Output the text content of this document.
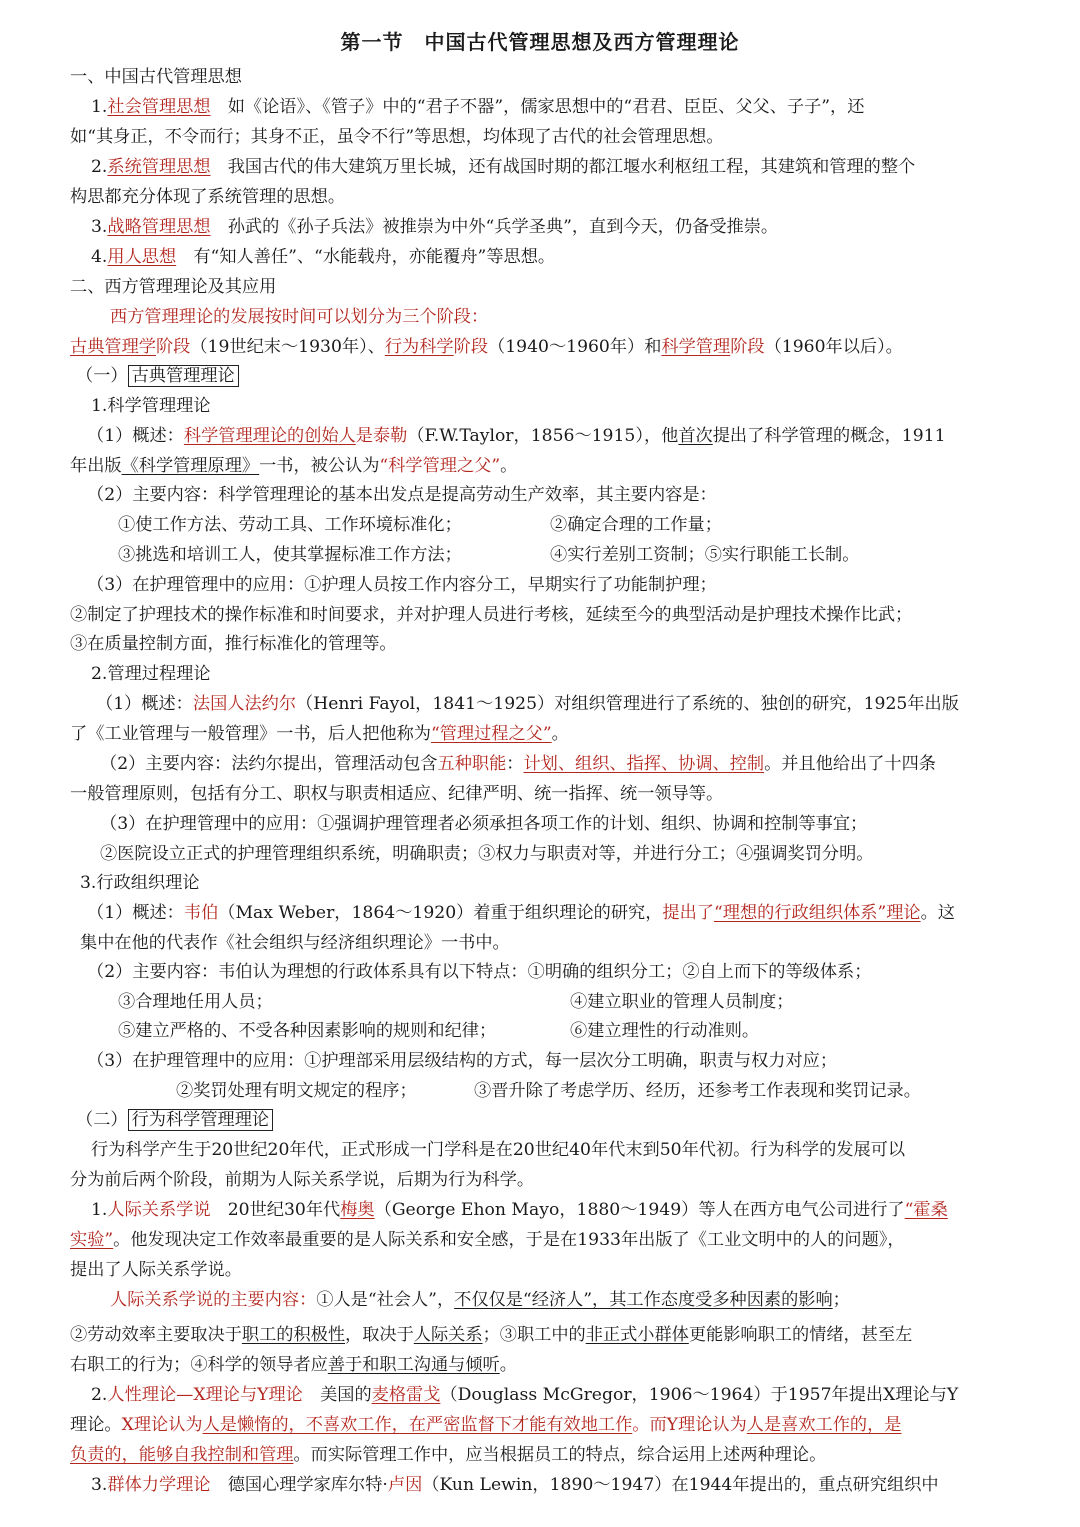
第一节　中国古代管理思想及西方管理理论
一、中国古代管理思想
1.社会管理思想　如《论语》、《管子》中的“君子不器”，儒家思想中的“君君、臣臣、父父、子子”，还
如“其身正，不令而行；其身不正，虽令不行”等思想，均体现了古代的社会管理思想。
2.系统管理思想　我国古代的伟大建筑万里长城，还有战国时期的都江堰水利枢纽工程，其建筑和管理的整个
构思都充分体现了系统管理的思想。
3.战略管理思想　孙武的《孙子兵法》被推崇为中外“兵学圣典”，直到今天，仍备受推崇。
4.用人思想　有“知人善任”、“水能载舟，亦能覆舟”等思想。
二、西方管理理论及其应用
西方管理理论的发展按时间可以划分为三个阶段：
古典管理学阶段（19世纪末～1930年）、行为科学阶段（1940～1960年）和科学管理阶段（1960年以后）。
（一） 古典管理理论
1.科学管理理论
（1）概述：科学管理理论的创始人是泰勒（F.W.Taylor，1856～1915），他首次提出了科学管理的概念，1911
年出版《科学管理原理》一书，被公认为“科学管理之父”。
（2）主要内容：科学管理理论的基本出发点是提高劳动生产效率，其主要内容是：
①使工作方法、劳动工具、工作环境标准化；	②确定合理的工作量；
③挑选和培训工人，使其掌握标准工作方法；	④实行差别工资制；⑤实行职能工长制。
（3）在护理管理中的应用：①护理人员按工作内容分工，早期实行了功能制护理；
②制定了护理技术的操作标准和时间要求，并对护理人员进行考核，延续至今的典型活动是护理技术操作比武；
③在质量控制方面，推行标准化的管理等。
2.管理过程理论
（1）概述：法国人法约尔（Henri Fayol，1841～1925）对组织管理进行了系统的、独创的研究，1925年出版
了《工业管理与一般管理》一书，后人把他称为“管理过程之父”。
（2）主要内容：法约尔提出，管理活动包含五种职能：计划、组织、指挥、协调、控制。并且他给出了十四条
一般管理原则，包括有分工、职权与职责相适应、纪律严明、统一指挥、统一领导等。
（3）在护理管理中的应用：①强调护理管理者必须承担各项工作的计划、组织、协调和控制等事宜；
②医院设立正式的护理管理组织系统，明确职责；③权力与职责对等，并进行分工；④强调奖罚分明。
3.行政组织理论
（1）概述：韦伯（Max Weber，1864～1920）着重于组织理论的研究，提出了“理想的行政组织体系”理论。这
集中在他的代表作《社会组织与经济组织理论》一书中。
（2）主要内容：韦伯认为理想的行政体系具有以下特点：①明确的组织分工；②自上而下的等级体系；
③合理地任用人员；	④建立职业的管理人员制度；
⑤建立严格的、不受各种因素影响的规则和纪律；	⑥建立理性的行动准则。
（3）在护理管理中的应用：①护理部采用层级结构的方式，每一层次分工明确，职责与权力对应；
②奖罚处理有明文规定的程序；	③晋升除了考虑学历、经历，还参考工作表现和奖罚记录。
（二） 行为科学管理理论
行为科学产生于20世纪20年代，正式形成一门学科是在20世纪40年代末到50年代初。行为科学的发展可以
分为前后两个阶段，前期为人际关系学说，后期为行为科学。
1.人际关系学说　20世纪30年代梅奥（George Ehon Mayo，1880～1949）等人在西方电气公司进行了“霍桑
实验”。他发现决定工作效率最重要的是人际关系和安全感，于是在1933年出版了《工业文明中的人的问题》，
提出了人际关系学说。
人际关系学说的主要内容：①人是“社会人”，不仅仅是“经济人”，其工作态度受多种因素的影响；
②劳动效率主要取决于职工的积极性，取决于人际关系；③职工中的非正式小群体更能影响职工的情绪，甚至左
右职工的行为；④科学的领导者应善于和职工沟通与倾听。
2.人性理论—X理论与Y理论　美国的麦格雷戈（Douglass McGregor，1906～1964）于1957年提出X理论与Y
理论。X理论认为人是懒惰的，不喜欢工作，在严密监督下才能有效地工作。而Y理论认为人是喜欢工作的，是
负责的，能够自我控制和管理。而实际管理工作中，应当根据员工的特点，综合运用上述两种理论。
3.群体力学理论　德国心理学家库尔特·卢因（Kun Lewin，1890～1947）在1944年提出的，重点研究组织中
